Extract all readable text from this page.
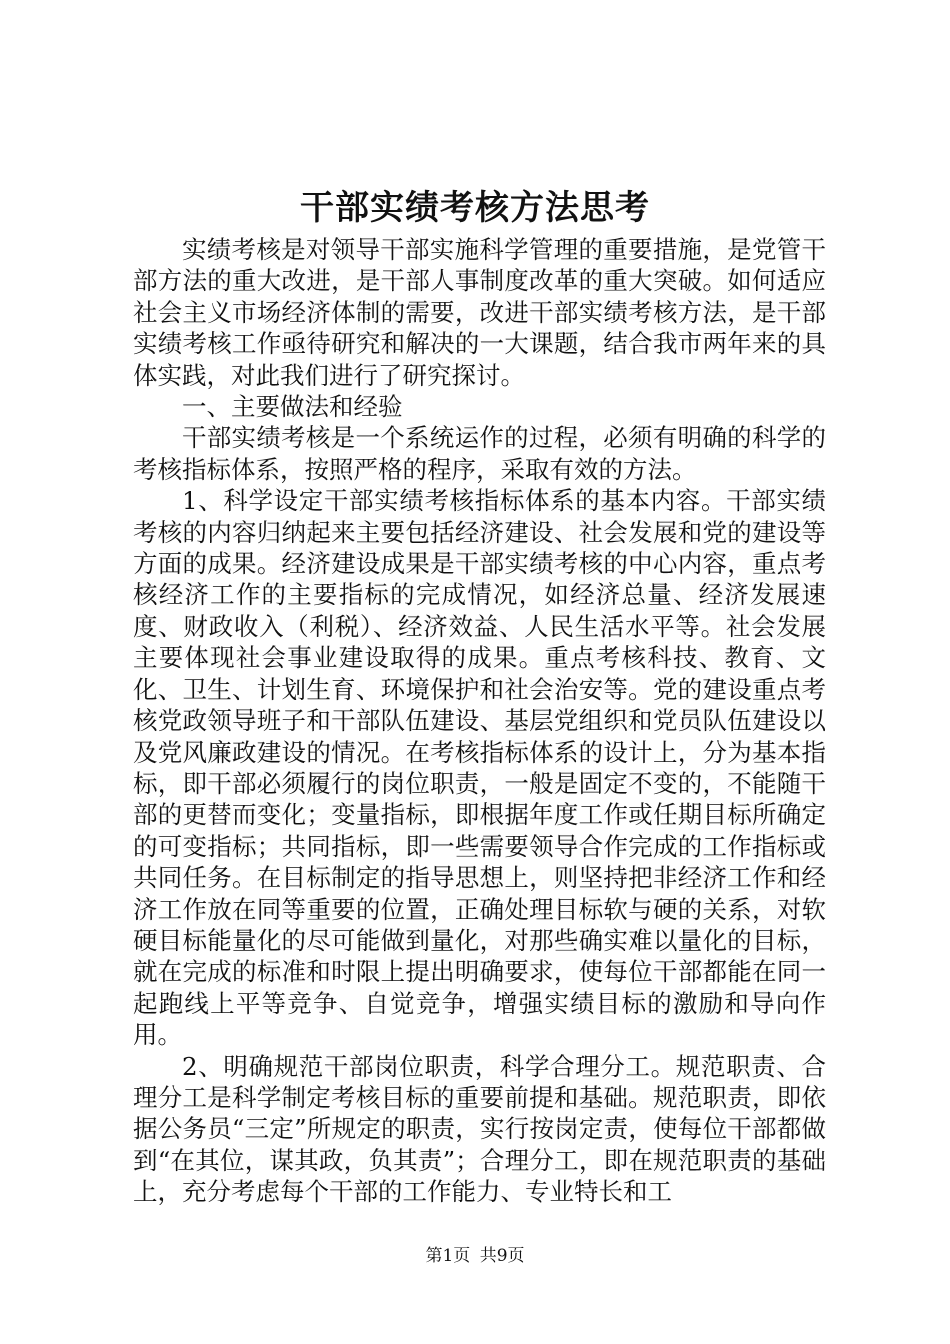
干部实绩考核方法思考

实绩考核是对领导干部实施科学管理的重要措施，是党管干部方法的重大改进，是干部人事制度改革的重大突破。如何适应社会主义市场经济体制的需要，改进干部实绩考核方法，是干部实绩考核工作亟待研究和解决的一大课题，结合我市两年来的具体实践，对此我们进行了研究探讨。

一、主要做法和经验

干部实绩考核是一个系统运作的过程，必须有明确的科学的考核指标体系，按照严格的程序，采取有效的方法。

1、科学设定干部实绩考核指标体系的基本内容。干部实绩考核的内容归纳起来主要包括经济建设、社会发展和党的建设等方面的成果。经济建设成果是干部实绩考核的中心内容，重点考核经济工作的主要指标的完成情况，如经济总量、经济发展速度、财政收入（利税）、经济效益、人民生活水平等。社会发展主要体现社会事业建设取得的成果。重点考核科技、教育、文化、卫生、计划生育、环境保护和社会治安等。党的建设重点考核党政领导班子和干部队伍建设、基层党组织和党员队伍建设以及党风廉政建设的情况。在考核指标体系的设计上，分为基本指标，即干部必须履行的岗位职责，一般是固定不变的，不能随干部的更替而变化；变量指标，即根据年度工作或任期目标所确定的可变指标；共同指标，即一些需要领导合作完成的工作指标或共同任务。在目标制定的指导思想上，则坚持把非经济工作和经济工作放在同等重要的位置，正确处理目标软与硬的关系，对软硬目标能量化的尽可能做到量化，对那些确实难以量化的目标，就在完成的标准和时限上提出明确要求，使每位干部都能在同一起跑线上平等竞争、自觉竞争，增强实绩目标的激励和导向作用。

2、明确规范干部岗位职责，科学合理分工。规范职责、合理分工是科学制定考核目标的重要前提和基础。规范职责，即依据公务员“三定”所规定的职责，实行按岗定责，使每位干部都做到“在其位，谋其政，负其责”；合理分工，即在规范职责的基础上，充分考虑每个干部的工作能力、专业特长和工

第1页 共9页
